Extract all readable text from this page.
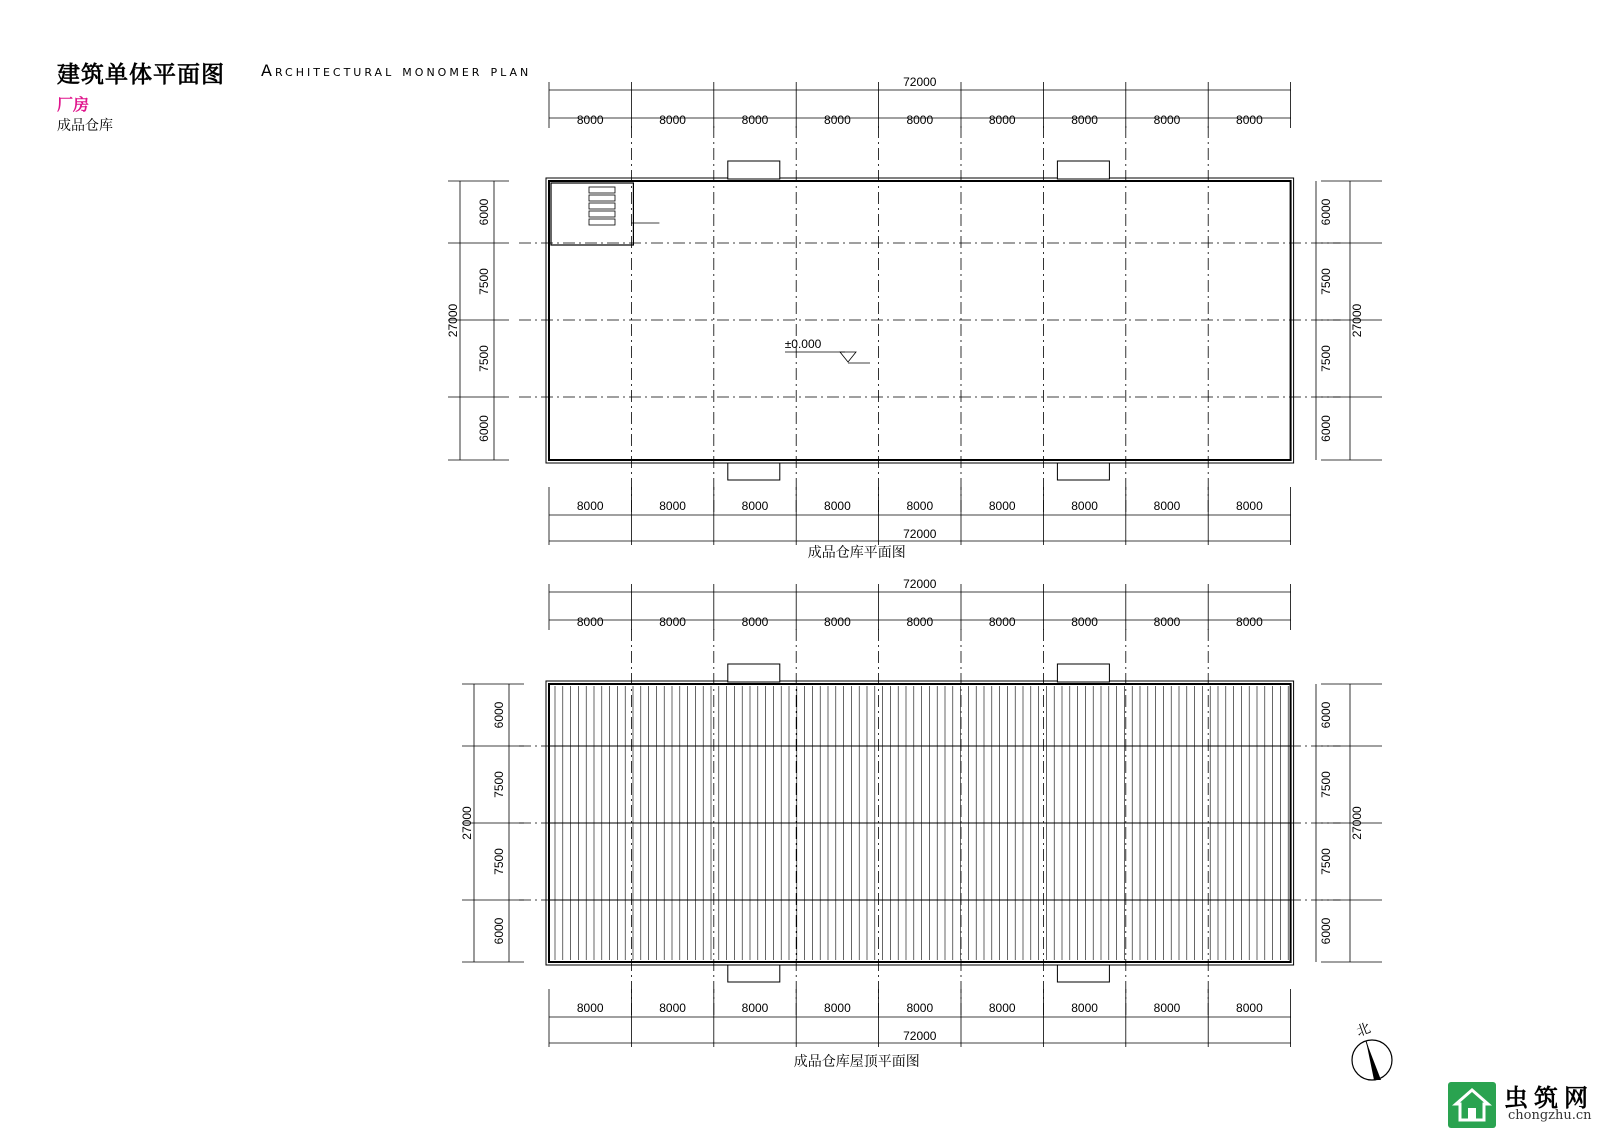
建筑单体平面图 Architectural monomer plan
厂房
成品仓库
±0.000
72000
8000	8000	8000	8000	8000	8000	8000	8000	8000
8000	8000	8000	8000	8000	8000	8000	8000	8000
72000
6000
7500
7500
6000
27000
6000
7500
7500
6000
27000
成品仓库平面图
72000
8000	8000	8000	8000	8000	8000	8000	8000	8000
8000	8000	8000	8000	8000	8000	8000	8000	8000
72000
6000
7500
7500
6000
27000
6000
7500
7500
6000
27000
成品仓库屋顶平面图
北
虫筑网
chongzhu.cn
